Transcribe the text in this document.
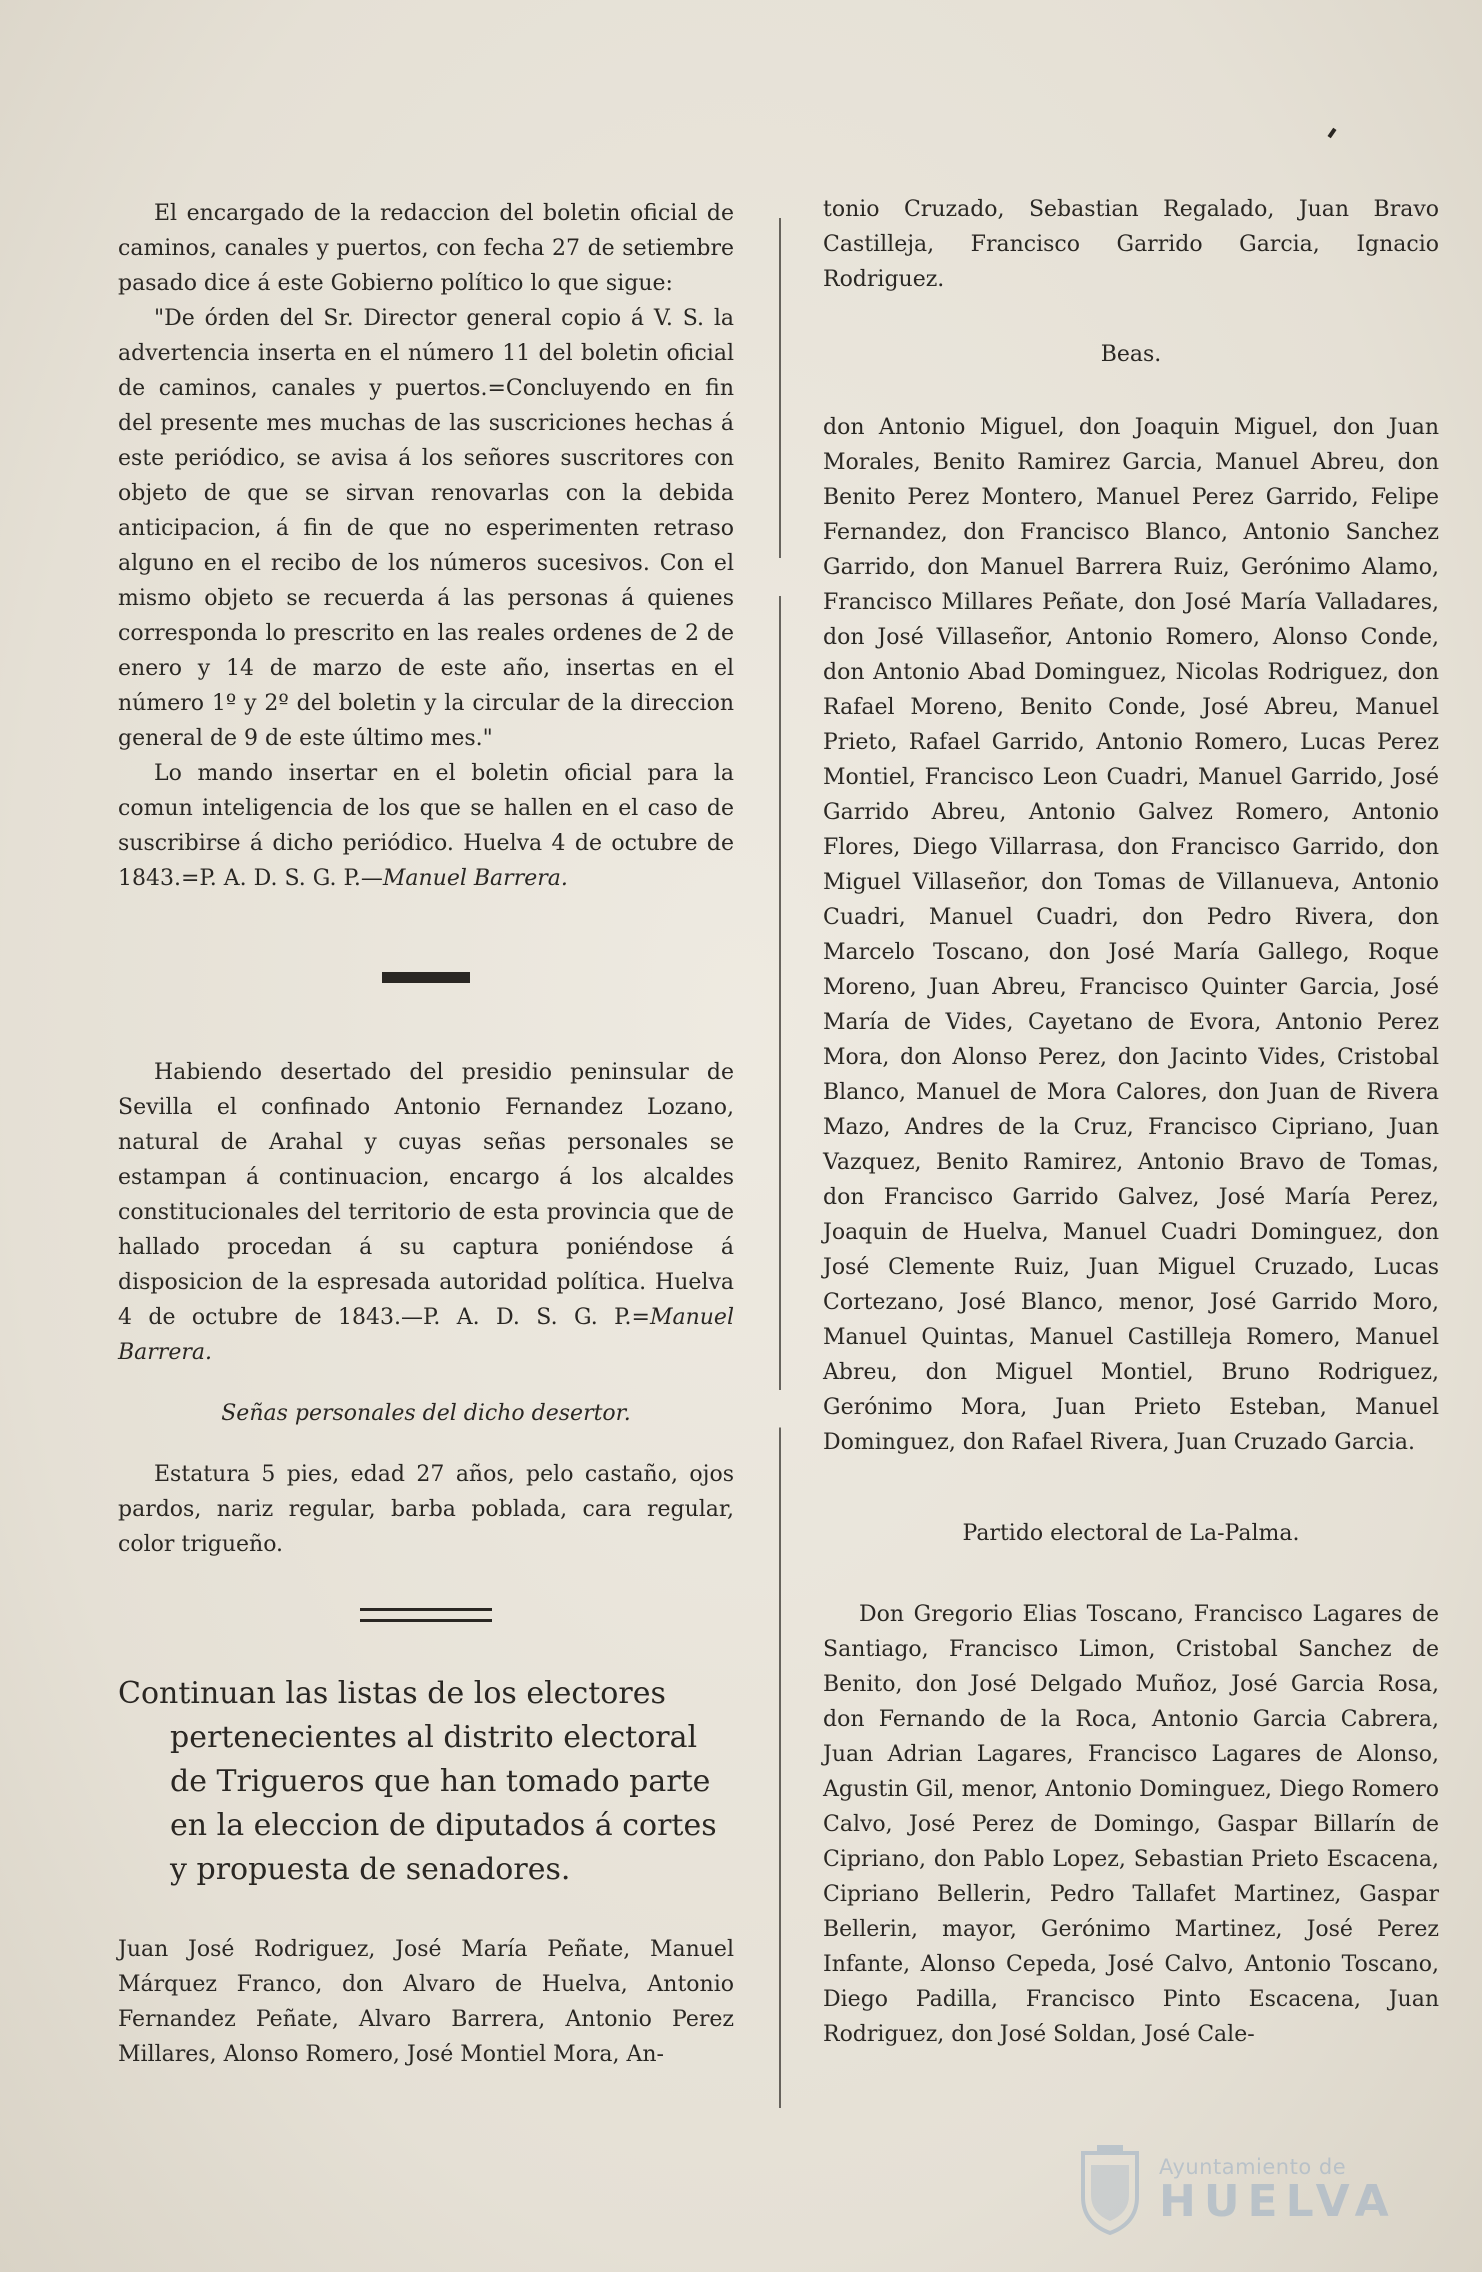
El encargado de la redaccion del boletin oficial de caminos, canales y puertos, con fecha 27 de setiembre pasado dice á este Gobierno político lo que sigue:

"De órden del Sr. Director general copio á V. S. la advertencia inserta en el número 11 del boletin oficial de caminos, canales y puertos.=Concluyendo en fin del presente mes muchas de las suscriciones hechas á este periódico, se avisa á los señores suscritores con objeto de que se sirvan renovarlas con la debida anticipacion, á fin de que no esperimenten retraso alguno en el recibo de los números sucesivos. Con el mismo objeto se recuerda á las personas á quienes corresponda lo prescrito en las reales ordenes de 2 de enero y 14 de marzo de este año, insertas en el número 1º y 2º del boletin y la circular de la direccion general de 9 de este último mes."

Lo mando insertar en el boletin oficial para la comun inteligencia de los que se hallen en el caso de suscribirse á dicho periódico. Huelva 4 de octubre de 1843.=P. A. D. S. G. P.—Manuel Barrera.

Habiendo desertado del presidio peninsular de Sevilla el confinado Antonio Fernandez Lozano, natural de Arahal y cuyas señas personales se estampan á continuacion, encargo á los alcaldes constitucionales del territorio de esta provincia que de hallado procedan á su captura poniéndose á disposicion de la espresada autoridad política. Huelva 4 de octubre de 1843.—P. A. D. S. G. P.=Manuel Barrera.

Señas personales del dicho desertor.

Estatura 5 pies, edad 27 años, pelo castaño, ojos pardos, nariz regular, barba poblada, cara regular, color trigueño.

Continuan las listas de los electores pertenecientes al distrito electoral de Trigueros que han tomado parte en la eleccion de diputados á cortes y propuesta de senadores.

Juan José Rodriguez, José María Peñate, Manuel Márquez Franco, don Alvaro de Huelva, Antonio Fernandez Peñate, Alvaro Barrera, Antonio Perez Millares, Alonso Romero, José Montiel Mora, An-

tonio Cruzado, Sebastian Regalado, Juan Bravo Castilleja, Francisco Garrido Garcia, Ignacio Rodriguez.

Beas.

don Antonio Miguel, don Joaquin Miguel, don Juan Morales, Benito Ramirez Garcia, Manuel Abreu, don Benito Perez Montero, Manuel Perez Garrido, Felipe Fernandez, don Francisco Blanco, Antonio Sanchez Garrido, don Manuel Barrera Ruiz, Gerónimo Alamo, Francisco Millares Peñate, don José María Valladares, don José Villaseñor, Antonio Romero, Alonso Conde, don Antonio Abad Dominguez, Nicolas Rodriguez, don Rafael Moreno, Benito Conde, José Abreu, Manuel Prieto, Rafael Garrido, Antonio Romero, Lucas Perez Montiel, Francisco Leon Cuadri, Manuel Garrido, José Garrido Abreu, Antonio Galvez Romero, Antonio Flores, Diego Villarrasa, don Francisco Garrido, don Miguel Villaseñor, don Tomas de Villanueva, Antonio Cuadri, Manuel Cuadri, don Pedro Rivera, don Marcelo Toscano, don José María Gallego, Roque Moreno, Juan Abreu, Francisco Quinter Garcia, José María de Vides, Cayetano de Evora, Antonio Perez Mora, don Alonso Perez, don Jacinto Vides, Cristobal Blanco, Manuel de Mora Calores, don Juan de Rivera Mazo, Andres de la Cruz, Francisco Cipriano, Juan Vazquez, Benito Ramirez, Antonio Bravo de Tomas, don Francisco Garrido Galvez, José María Perez, Joaquin de Huelva, Manuel Cuadri Dominguez, don José Clemente Ruiz, Juan Miguel Cruzado, Lucas Cortezano, José Blanco, menor, José Garrido Moro, Manuel Quintas, Manuel Castilleja Romero, Manuel Abreu, don Miguel Montiel, Bruno Rodriguez, Gerónimo Mora, Juan Prieto Esteban, Manuel Dominguez, don Rafael Rivera, Juan Cruzado Garcia.

Partido electoral de La-Palma.

Don Gregorio Elias Toscano, Francisco Lagares de Santiago, Francisco Limon, Cristobal Sanchez de Benito, don José Delgado Muñoz, José Garcia Rosa, don Fernando de la Roca, Antonio Garcia Cabrera, Juan Adrian Lagares, Francisco Lagares de Alonso, Agustin Gil, menor, Antonio Dominguez, Diego Romero Calvo, José Perez de Domingo, Gaspar Billarín de Cipriano, don Pablo Lopez, Sebastian Prieto Escacena, Cipriano Bellerin, Pedro Tallafet Martinez, Gaspar Bellerin, mayor, Gerónimo Martinez, José Perez Infante, Alonso Cepeda, José Calvo, Antonio Toscano, Diego Padilla, Francisco Pinto Escacena, Juan Rodriguez, don José Soldan, José Cale-

Ayuntamiento de
HUELVA
